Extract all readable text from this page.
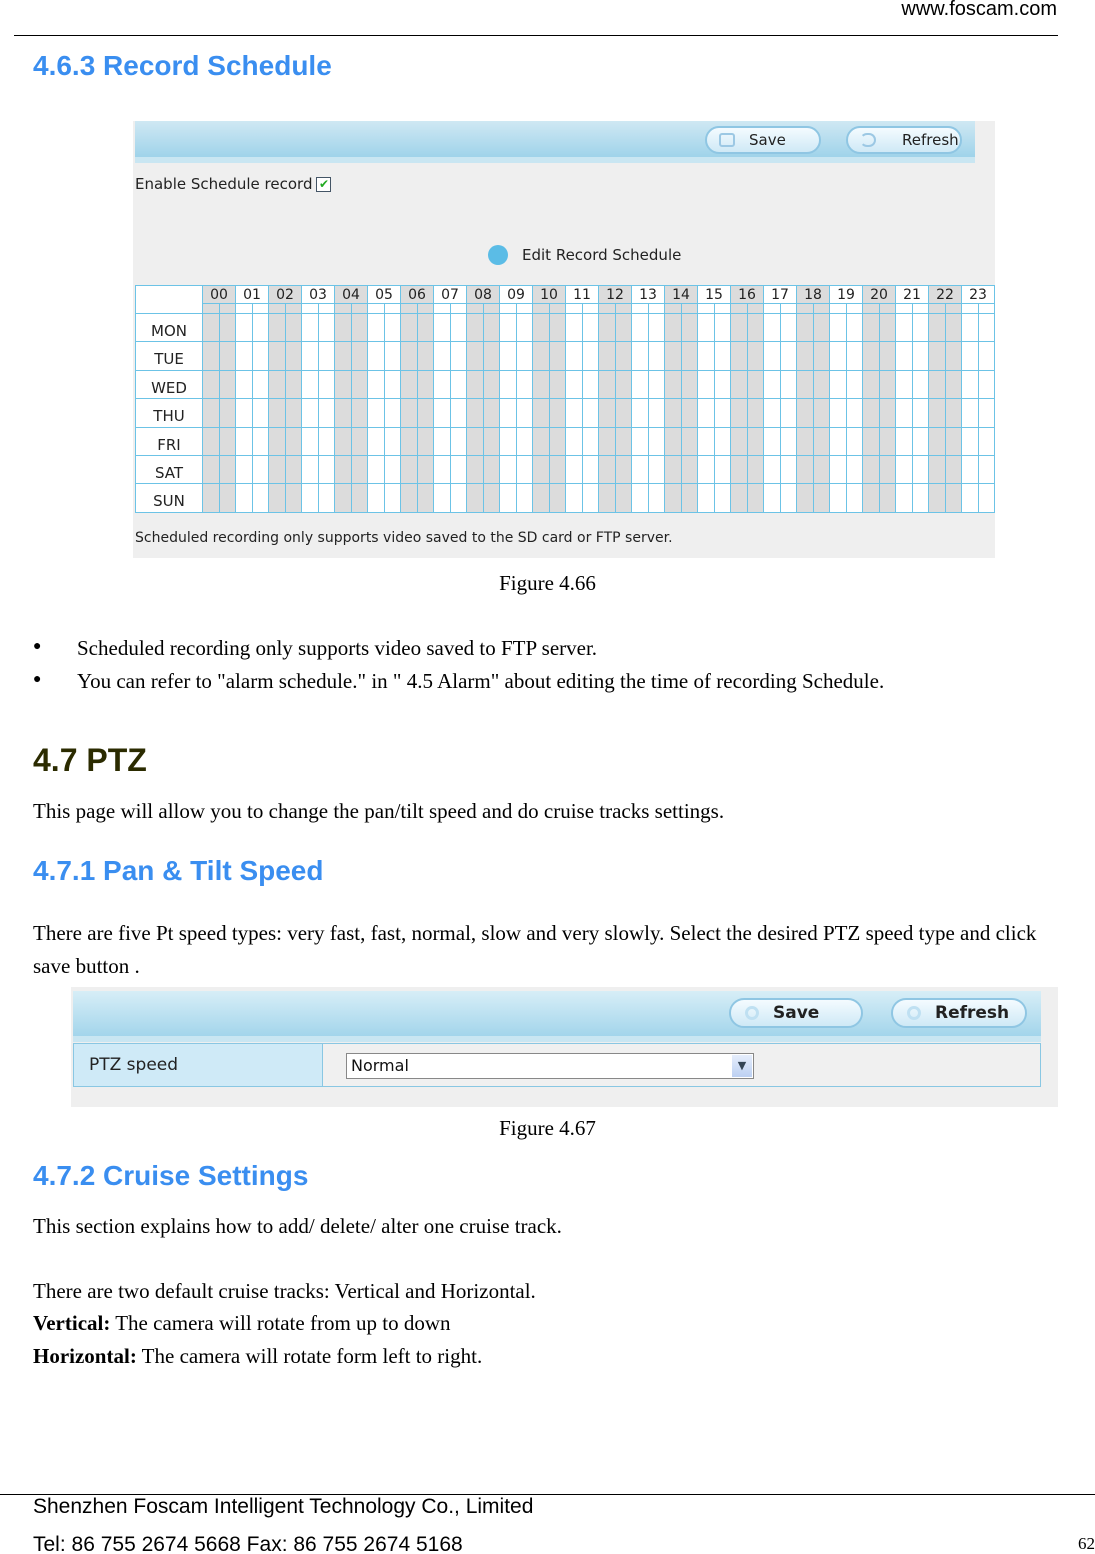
www.foscam.com
4.6.3 Record Schedule
Save	Refresh
Enable Schedule record ✔
Edit Record Schedule
00	01	02	03	04	05	06	07	08	09	10	11	12	13	14	15	16	17	18	19	20	21	22	23
MON
TUE
WED
THU
FRI
SAT
SUN
Scheduled recording only supports video saved to the SD card or FTP server.
Figure 4.66
● Scheduled recording only supports video saved to FTP server.
● You can refer to "alarm schedule." in " 4.5 Alarm" about editing the time of recording Schedule.
4.7 PTZ
This page will allow you to change the pan/tilt speed and do cruise tracks settings.
4.7.1 Pan & Tilt Speed
There are five Pt speed types: very fast, fast, normal, slow and very slowly. Select the desired PTZ speed type and click
save button .
Save	Refresh
PTZ speed	Normal	▼
Figure 4.67
4.7.2 Cruise Settings
This section explains how to add/ delete/ alter one cruise track.
There are two default cruise tracks: Vertical and Horizontal.
Vertical: The camera will rotate from up to down
Horizontal: The camera will rotate form left to right.
Shenzhen Foscam Intelligent Technology Co., Limited
Tel: 86 755 2674 5668 Fax: 86 755 2674 5168	62
